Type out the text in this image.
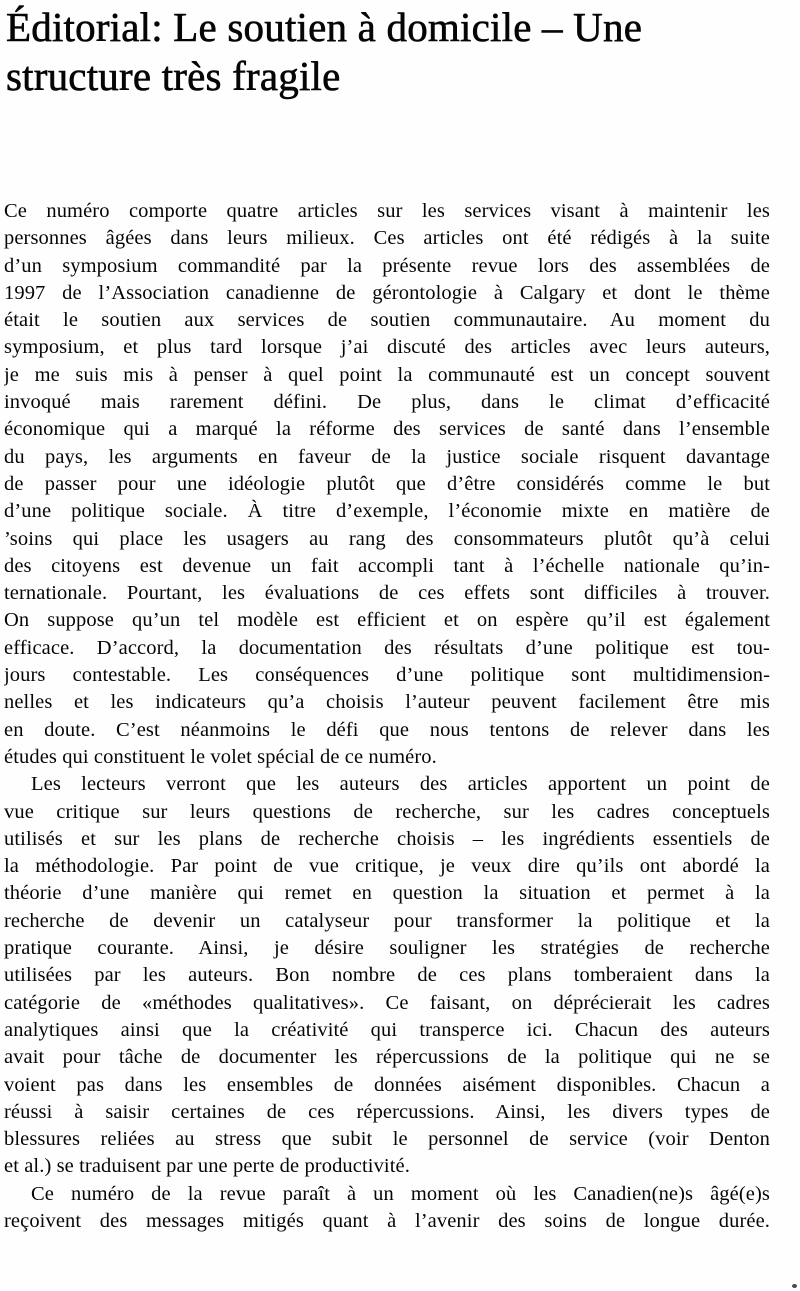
Éditorial: Le soutien à domicile – Une
structure très fragile
Ce numéro comporte quatre articles sur les services visant à maintenir les
personnes âgées dans leurs milieux. Ces articles ont été rédigés à la suite
d’un symposium commandité par la présente revue lors des assemblées de
1997 de l’Association canadienne de gérontologie à Calgary et dont le thème
était le soutien aux services de soutien communautaire. Au moment du
symposium, et plus tard lorsque j’ai discuté des articles avec leurs auteurs,
je me suis mis à penser à quel point la communauté est un concept souvent
invoqué mais rarement défini. De plus, dans le climat d’efficacité
économique qui a marqué la réforme des services de santé dans l’ensemble
du pays, les arguments en faveur de la justice sociale risquent davantage
de passer pour une idéologie plutôt que d’être considérés comme le but
d’une politique sociale. À titre d’exemple, l’économie mixte en matière de
’soins qui place les usagers au rang des consommateurs plutôt qu’à celui
des citoyens est devenue un fait accompli tant à l’échelle nationale qu’in-
ternationale. Pourtant, les évaluations de ces effets sont difficiles à trouver.
On suppose qu’un tel modèle est efficient et on espère qu’il est également
efficace. D’accord, la documentation des résultats d’une politique est tou-
jours contestable. Les conséquences d’une politique sont multidimension-
nelles et les indicateurs qu’a choisis l’auteur peuvent facilement être mis
en doute. C’est néanmoins le défi que nous tentons de relever dans les
études qui constituent le volet spécial de ce numéro.
Les lecteurs verront que les auteurs des articles apportent un point de
vue critique sur leurs questions de recherche, sur les cadres conceptuels
utilisés et sur les plans de recherche choisis – les ingrédients essentiels de
la méthodologie. Par point de vue critique, je veux dire qu’ils ont abordé la
théorie d’une manière qui remet en question la situation et permet à la
recherche de devenir un catalyseur pour transformer la politique et la
pratique courante. Ainsi, je désire souligner les stratégies de recherche
utilisées par les auteurs. Bon nombre de ces plans tomberaient dans la
catégorie de «méthodes qualitatives». Ce faisant, on déprécierait les cadres
analytiques ainsi que la créativité qui transperce ici. Chacun des auteurs
avait pour tâche de documenter les répercussions de la politique qui ne se
voient pas dans les ensembles de données aisément disponibles. Chacun a
réussi à saisir certaines de ces répercussions. Ainsi, les divers types de
blessures reliées au stress que subit le personnel de service (voir Denton
et al.) se traduisent par une perte de productivité.
Ce numéro de la revue paraît à un moment où les Canadien(ne)s âgé(e)s
reçoivent des messages mitigés quant à l’avenir des soins de longue durée.
